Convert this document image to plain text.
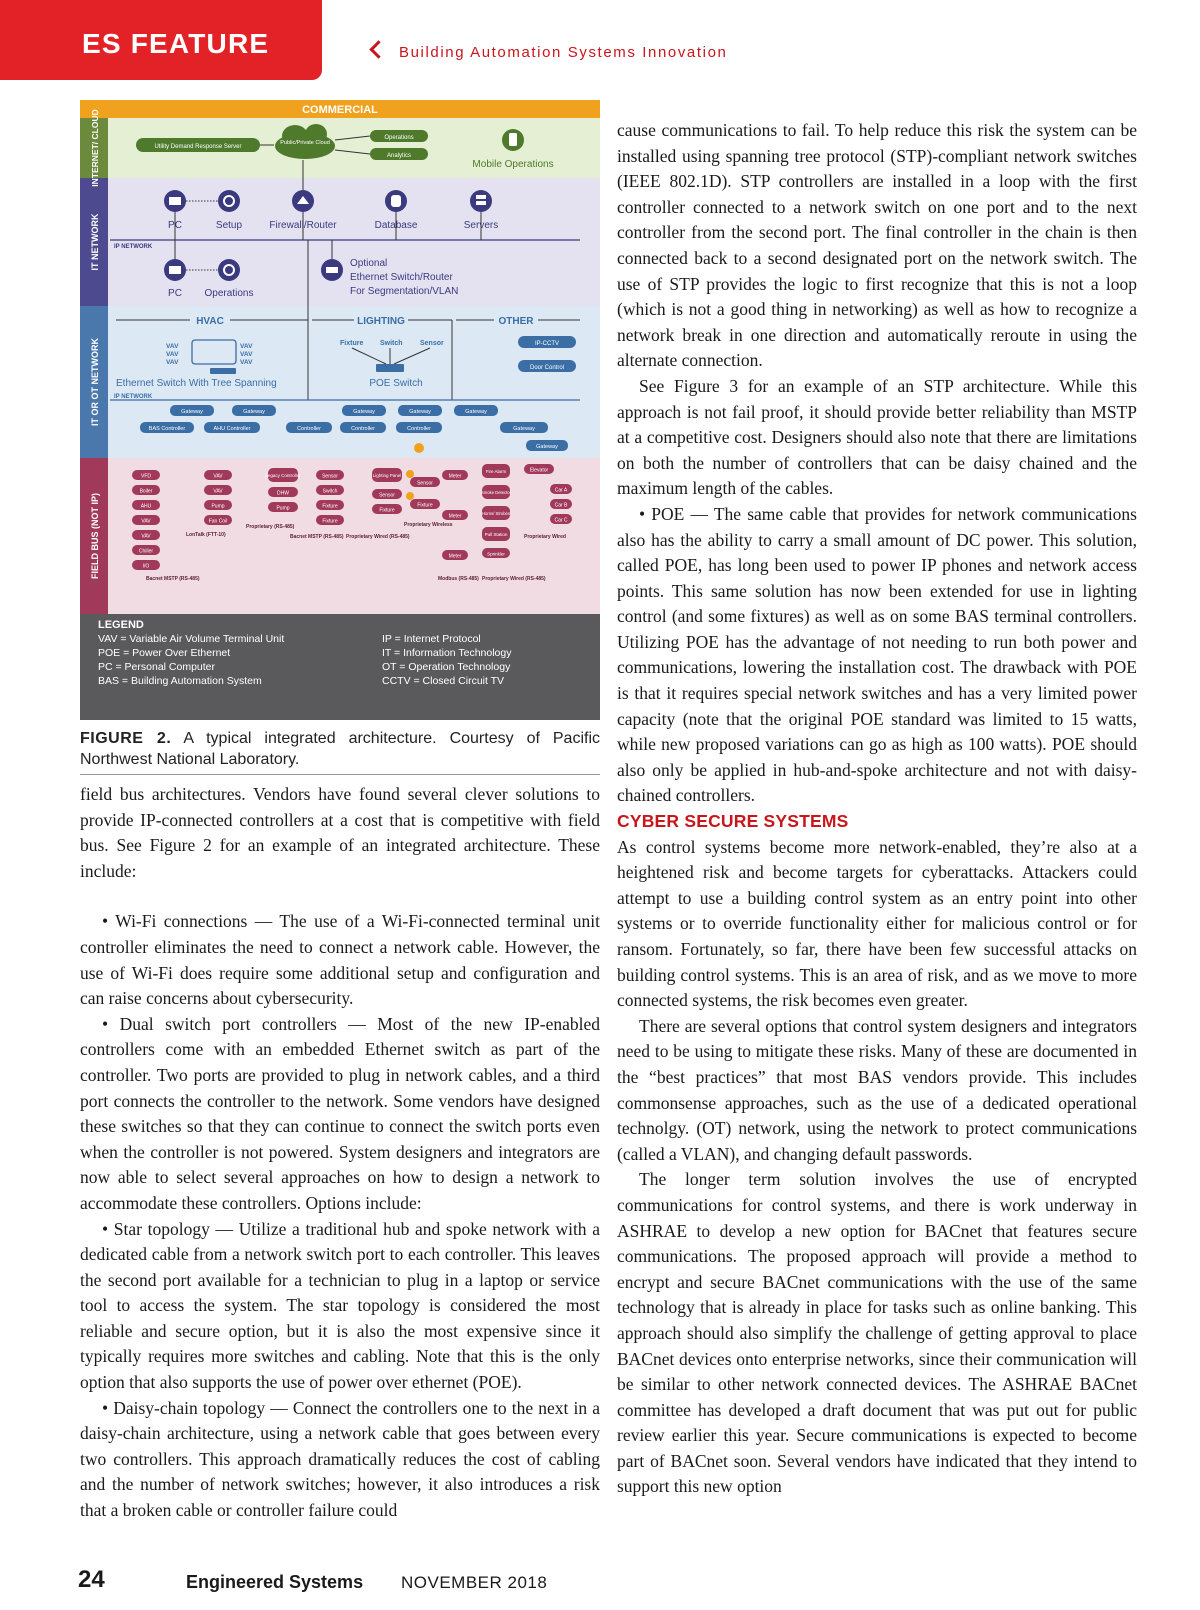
ES FEATURE	Building Automation Systems Innovation
COMMERCIAL
INTERNET/ CLOUD
IT NETWORK
IT OR OT NETWORK
FIELD BUS (NOT IP)
Utility Demand Response Server
Public/Private Cloud
Operations
Analytics
Mobile Operations
PC	Setup	Firewall/Router	Database	Servers
IP NETWORK
PC Operations
Optional
Ethernet Switch/Router
For Segmentation/VLAN
HVAC	LIGHTING	OTHER
VAV
VAV
VAV
VAV
VAV
VAV
Ethernet Switch With Tree Spanning
Fixture Switch Sensor
POE Switch
IP-CCTV
Door Control
IP NETWORK
Gateway	Gateway	Gateway	Gateway	Gateway
Gateway
Gateway
BAS Controller	AHU Controller	Controller	Controller	Controller
VFD
Boiler
AHU
VAV
VAV
Chiller
I/O
Bacnet MSTP (RS-485)
VAV
VAV
Pump
Fan Coil
LonTalk (FTT-10)
Legacy Controller
DHW
Pump
Proprietary (RS-485)
Sensor
Switch
Fixture
Fixture
Bacnet MSTP (RS-485)
Lighting Panel
Sensor
Fixture
Proprietary Wired (RS-485)
Sensor
Fixture
Proprietary Wireless
Meter
Meter
Meter
Fire Alarm
Smoke Detector
Horns/ Strobes
Pull Station
Sprinkler
Modbus (RS-485) Proprietary Wired (RS-485)
Elevator
Car A
Car B
Car C
Proprietary Wired
LEGEND
VAV = Variable Air Volume Terminal Unit
POE = Power Over Ethernet
PC = Personal Computer
BAS = Building Automation System
IP = Internet Protocol
IT = Information Technology
OT = Operation Technology
CCTV = Closed Circuit TV
FIGURE 2. A typical integrated architecture. Courtesy of Pacific Northwest National Laboratory.

field bus architectures. Vendors have found several clever solutions to provide IP-connected controllers at a cost that is competitive with field bus. See Figure 2 for an example of an integrated architecture. These include:

• Wi-Fi connections — The use of a Wi-Fi-connected terminal unit controller eliminates the need to connect a network cable. However, the use of Wi-Fi does require some additional setup and configuration and can raise concerns about cybersecurity.

• Dual switch port controllers — Most of the new IP-enabled controllers come with an embedded Ethernet switch as part of the controller. Two ports are provided to plug in network cables, and a third port connects the controller to the network. Some vendors have designed these switches so that they can continue to connect the switch ports even when the controller is not powered. System designers and integrators are now able to select several approaches on how to design a network to accommodate these controllers. Options include:

• Star topology — Utilize a traditional hub and spoke network with a dedicated cable from a network switch port to each controller. This leaves the second port available for a technician to plug in a laptop or service tool to access the system. The star topology is considered the most reliable and secure option, but it is also the most expensive since it typically requires more switches and cabling. Note that this is the only option that also supports the use of power over ethernet (POE).

• Daisy-chain topology — Connect the controllers one to the next in a daisy-chain architecture, using a network cable that goes between every two controllers. This approach dramatically reduces the cost of cabling and the number of network switches; however, it also introduces a risk that a broken cable or controller failure could

cause communications to fail. To help reduce this risk the system can be installed using spanning tree protocol (STP)-compliant network switches (IEEE 802.1D). STP controllers are installed in a loop with the first controller connected to a network switch on one port and to the next controller from the second port. The final controller in the chain is then connected back to a second designated port on the network switch. The use of STP provides the logic to first recognize that this is not a loop (which is not a good thing in networking) as well as how to recognize a network break in one direction and automatically reroute in using the alternate connection.

See Figure 3 for an example of an STP architecture. While this approach is not fail proof, it should provide better reliability than MSTP at a competitive cost. Designers should also note that there are limitations on both the number of controllers that can be daisy chained and the maximum length of the cables.

• POE — The same cable that provides for network communications also has the ability to carry a small amount of DC power. This solution, called POE, has long been used to power IP phones and network access points. This same solution has now been extended for use in lighting control (and some fixtures) as well as on some BAS terminal controllers. Utilizing POE has the advantage of not needing to run both power and communications, lowering the installation cost. The drawback with POE is that it requires special network switches and has a very limited power capacity (note that the original POE standard was limited to 15 watts, while new proposed variations can go as high as 100 watts). POE should also only be applied in hub-and-spoke architecture and not with daisy-chained controllers.

CYBER SECURE SYSTEMS

As control systems become more network-enabled, they’re also at a heightened risk and become targets for cyberattacks. Attackers could attempt to use a building control system as an entry point into other systems or to override functionality either for malicious control or for ransom. Fortunately, so far, there have been few successful attacks on building control systems. This is an area of risk, and as we move to more connected systems, the risk becomes even greater.

There are several options that control system designers and integrators need to be using to mitigate these risks. Many of these are documented in the “best practices” that most BAS vendors provide. This includes commonsense approaches, such as the use of a dedicated operational technolgy. (OT) network, using the network to protect communications (called a VLAN), and changing default passwords.

The longer term solution involves the use of encrypted communications for control systems, and there is work underway in ASHRAE to develop a new option for BACnet that features secure communications. The proposed approach will provide a method to encrypt and secure BACnet communications with the use of the same technology that is already in place for tasks such as online banking. This approach should also simplify the challenge of getting approval to place BACnet devices onto enterprise networks, since their communication will be similar to other network connected devices. The ASHRAE BACnet committee has developed a draft document that was put out for public review earlier this year. Secure communications is expected to become part of BACnet soon. Several vendors have indicated that they intend to support this new option

24	Engineered Systems NOVEMBER 2018
